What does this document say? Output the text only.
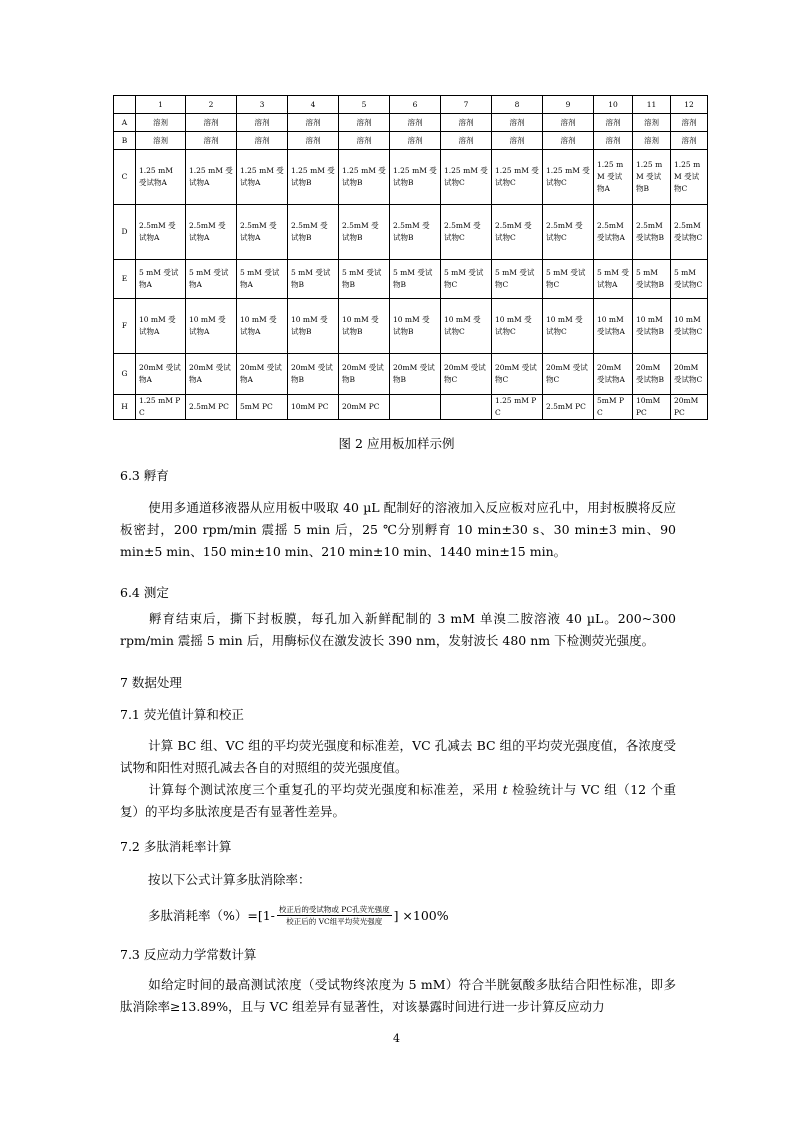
	1	2	3	4	5	6	7	8	9	10	11	12
A	溶剂	溶剂	溶剂	溶剂	溶剂	溶剂	溶剂	溶剂	溶剂	溶剂	溶剂	溶剂
B	溶剂	溶剂	溶剂	溶剂	溶剂	溶剂	溶剂	溶剂	溶剂	溶剂	溶剂	溶剂
C	1.25 mM 受试物A	1.25 mM 受试物A	1.25 mM 受试物A	1.25 mM 受试物B	1.25 mM 受试物B	1.25 mM 受试物B	1.25 mM 受试物C	1.25 mM 受试物C	1.25 mM 受试物C	1.25 mM 受试物A	1.25 mM 受试物B	1.25 mM 受试物C
D	2.5mM 受试物A	2.5mM 受试物A	2.5mM 受试物A	2.5mM 受试物B	2.5mM 受试物B	2.5mM 受试物B	2.5mM 受试物C	2.5mM 受试物C	2.5mM 受试物C	2.5mM 受试物A	2.5mM 受试物B	2.5mM 受试物C
E	5 mM 受试物A	5 mM 受试物A	5 mM 受试物A	5 mM 受试物B	5 mM 受试物B	5 mM 受试物B	5 mM 受试物C	5 mM 受试物C	5 mM 受试物C	5 mM 受试物A	5 mM 受试物B	5 mM 受试物C
F	10 mM 受试物A	10 mM 受试物A	10 mM 受试物A	10 mM 受试物B	10 mM 受试物B	10 mM 受试物B	10 mM 受试物C	10 mM 受试物C	10 mM 受试物C	10 mM 受试物A	10 mM 受试物B	10 mM 受试物C
G	20mM 受试物A	20mM 受试物A	20mM 受试物A	20mM 受试物B	20mM 受试物B	20mM 受试物B	20mM 受试物C	20mM 受试物C	20mM 受试物C	20mM 受试物A	20mM 受试物B	20mM 受试物C
H	1.25 mM PC	2.5mM PC	5mM PC	10mM PC	20mM PC			1.25 mM PC	2.5mM PC	5mM PC	10mM PC	20mM PC
图 2 应用板加样示例
6.3 孵育
使用多通道移液器从应用板中吸取 40 µL 配制好的溶液加入反应板对应孔中，用封板膜将反应板密封，200 rpm/min 震摇 5 min 后，25 ℃分别孵育 10 min±30 s、30 min±3 min、90 min±5 min、150 min±10 min、210 min±10 min、1440 min±15 min。
6.4 测定
孵育结束后，撕下封板膜，每孔加入新鲜配制的 3 mM 单溴二胺溶液 40 µL。200~300 rpm/min 震摇 5 min 后，用酶标仪在激发波长 390 nm，发射波长 480 nm 下检测荧光强度。
7 数据处理
7.1 荧光值计算和校正
计算 BC 组、VC 组的平均荧光强度和标准差，VC 孔减去 BC 组的平均荧光强度值，各浓度受试物和阳性对照孔减去各自的对照组的荧光强度值。
计算每个测试浓度三个重复孔的平均荧光强度和标准差，采用 t 检验统计与 VC 组（12 个重复）的平均多肽浓度是否有显著性差异。
7.2 多肽消耗率计算
按以下公式计算多肽消除率：
多肽消耗率$(\%)=[1- \frac{\text{校正后的受试物或 PC孔荧光强度}}{\text{校正后的 VC组平均荧光强度}}$ ] ×100%
7.3 反应动力学常数计算
如给定时间的最高测试浓度（受试物终浓度为 5 mM）符合半胱氨酸多肽结合阳性标准，即多肽消除率≥13.89%，且与 VC 组差异有显著性，对该暴露时间进行进一步计算反应动力
4
